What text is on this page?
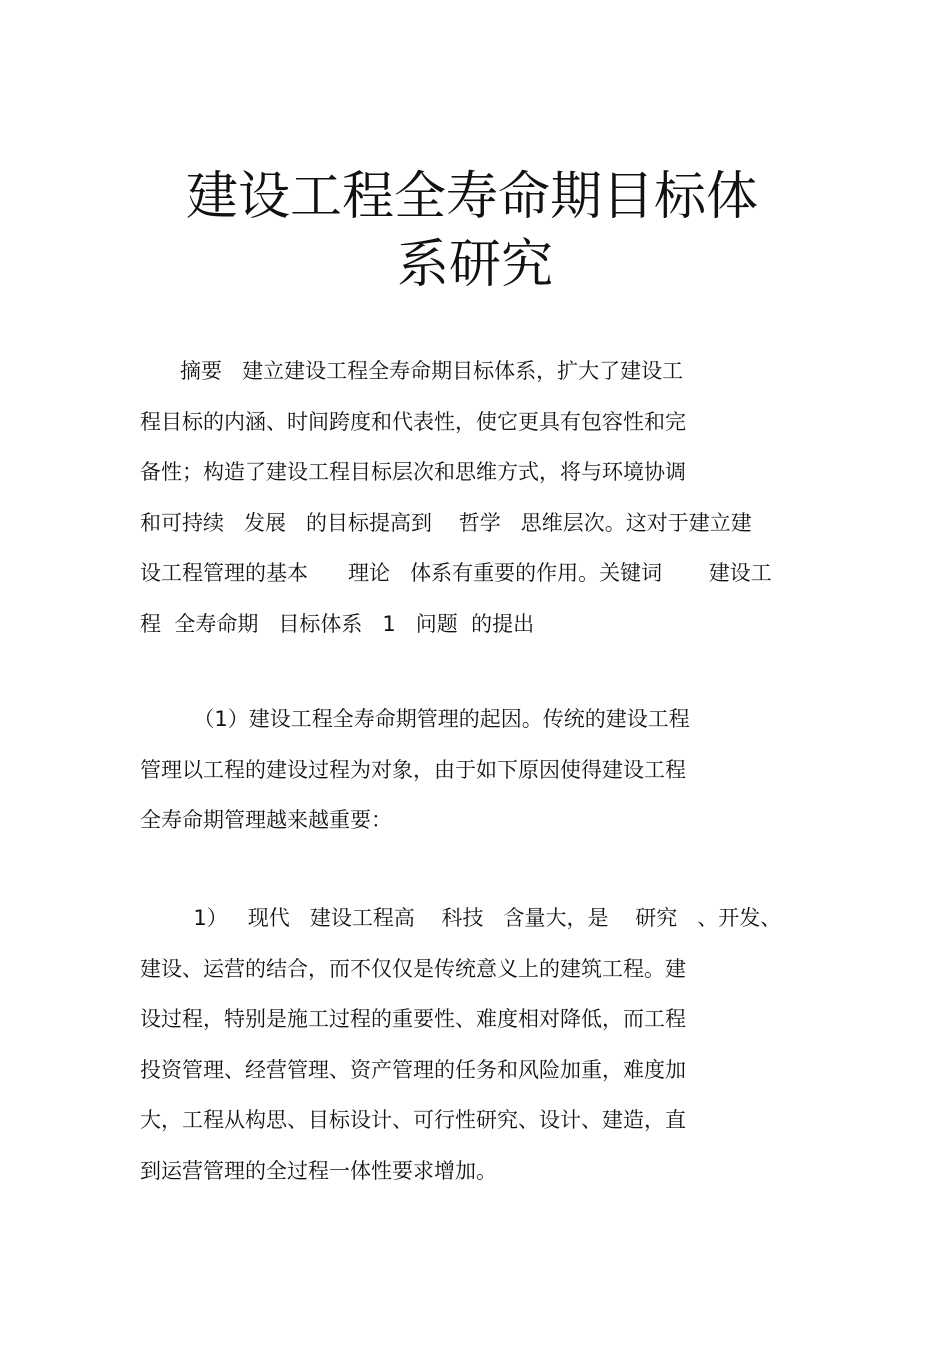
建设工程全寿命期目标体
系研究
摘要   建立建设工程全寿命期目标体系，扩大了建设工
程目标的内涵、时间跨度和代表性，使它更具有包容性和完
备性；构造了建设工程目标层次和思维方式，将与环境协调
和可持续   发展   的目标提高到    哲学   思维层次。这对于建立建
设工程管理的基本      理论   体系有重要的作用。关键词       建设工
程  全寿命期   目标体系   1   问题  的提出
（1）建设工程全寿命期管理的起因。传统的建设工程
管理以工程的建设过程为对象，由于如下原因使得建设工程
全寿命期管理越来越重要：
1）   现代   建设工程高    科技   含量大，是    研究   、开发、
建设、运营的结合，而不仅仅是传统意义上的建筑工程。建
设过程，特别是施工过程的重要性、难度相对降低，而工程
投资管理、经营管理、资产管理的任务和风险加重，难度加
大，工程从构思、目标设计、可行性研究、设计、建造，直
到运营管理的全过程一体性要求增加。
